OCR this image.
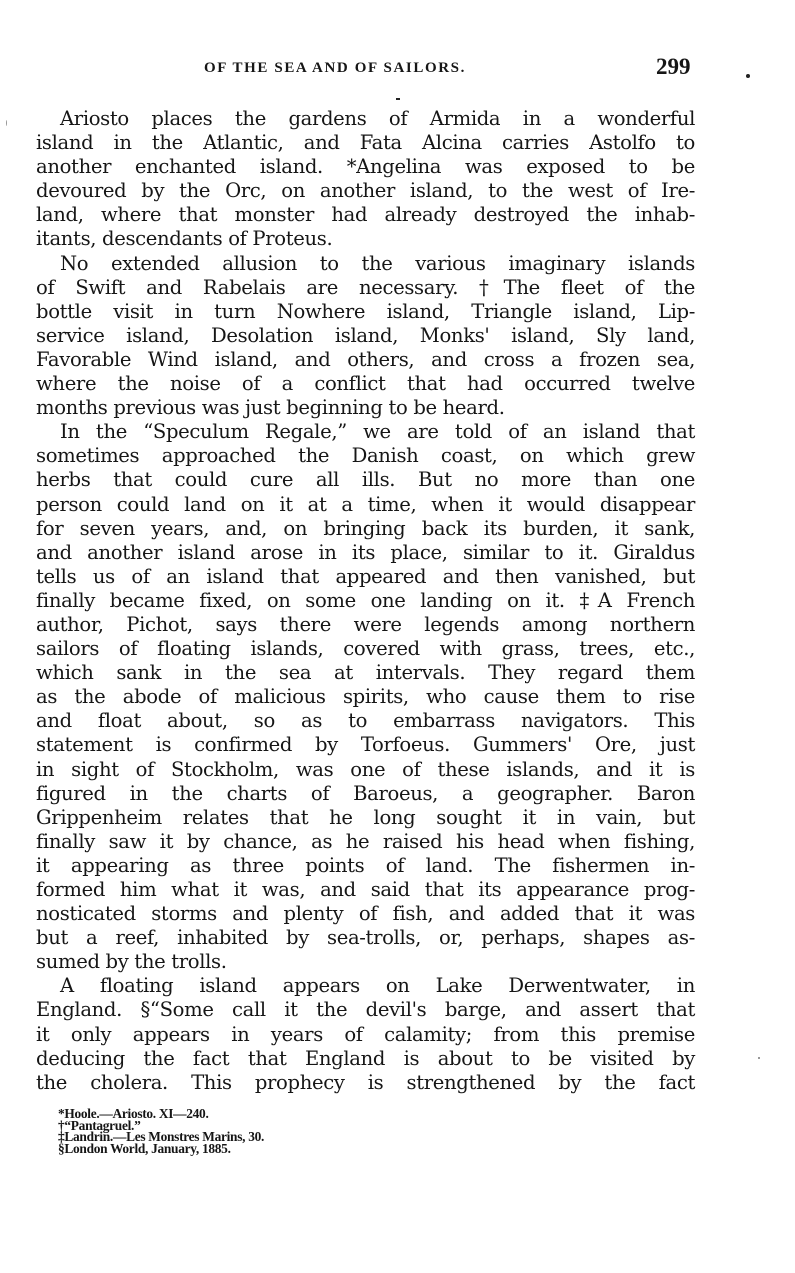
OF THE SEA AND OF SAILORS.	299
Ariosto places the gardens of Armida in a wonderful
island in the Atlantic, and Fata Alcina carries Astolfo to
another enchanted island. *Angelina was exposed to be
devoured by the Orc, on another island, to the west of Ire-
land, where that monster had already destroyed the inhab-
itants, descendants of Proteus.
No extended allusion to the various imaginary islands
of Swift and Rabelais are necessary. †The fleet of the
bottle visit in turn Nowhere island, Triangle island, Lip-
service island, Desolation island, Monks' island, Sly land,
Favorable Wind island, and others, and cross a frozen sea,
where the noise of a conflict that had occurred twelve
months previous was just beginning to be heard.
In the “Speculum Regale,” we are told of an island that
sometimes approached the Danish coast, on which grew
herbs that could cure all ills. But no more than one
person could land on it at a time, when it would disappear
for seven years, and, on bringing back its burden, it sank,
and another island arose in its place, similar to it. Giraldus
tells us of an island that appeared and then vanished, but
finally became fixed, on some one landing on it. ‡A French
author, Pichot, says there were legends among northern
sailors of floating islands, covered with grass, trees, etc.,
which sank in the sea at intervals. They regard them
as the abode of malicious spirits, who cause them to rise
and float about, so as to embarrass navigators. This
statement is confirmed by Torfoeus. Gummers' Ore, just
in sight of Stockholm, was one of these islands, and it is
figured in the charts of Baroeus, a geographer. Baron
Grippenheim relates that he long sought it in vain, but
finally saw it by chance, as he raised his head when fishing,
it appearing as three points of land. The fishermen in-
formed him what it was, and said that its appearance prog-
nosticated storms and plenty of fish, and added that it was
but a reef, inhabited by sea-trolls, or, perhaps, shapes as-
sumed by the trolls.
A floating island appears on Lake Derwentwater, in
England. §“Some call it the devil's barge, and assert that
it only appears in years of calamity; from this premise
deducing the fact that England is about to be visited by
the cholera. This prophecy is strengthened by the fact
*Hoole.—Ariosto. XI—240.
†“Pantagruel.”
‡Landrin.—Les Monstres Marins, 30.
§London World, January, 1885.
